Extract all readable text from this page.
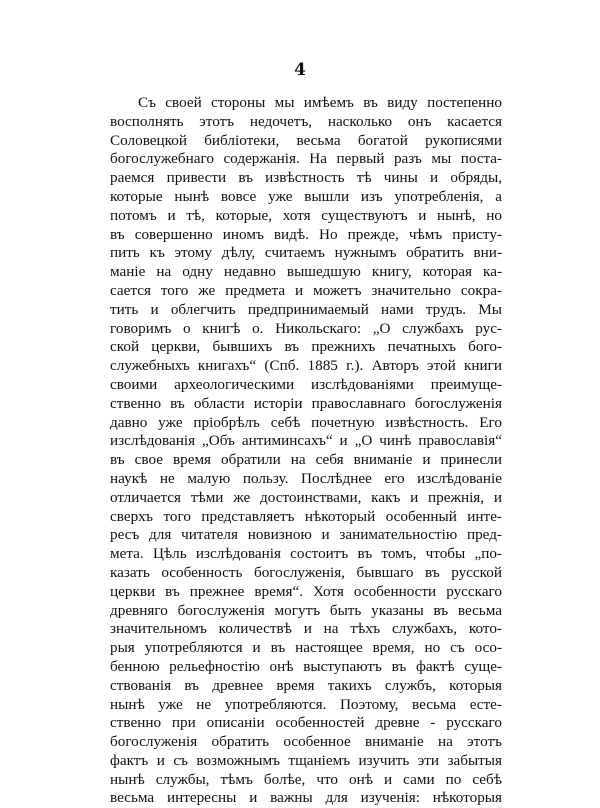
4
Съ своей стороны мы имѣемъ въ виду постепенно
восполнять этотъ недочетъ, насколько онъ касается
Соловецкой библiотеки, весьма богатой рукописями
богослужебнаго содержанiя. На первый разъ мы постa-
раемся привести въ извѣстность тѣ чины и обряды,
которые нынѣ вовсе уже вышли изъ употребленiя, а
потомъ и тѣ, которые, хотя существуютъ и нынѣ, но
въ совершенно иномъ видѣ. Но прежде, чѣмъ присту-
пить къ этому дѣлу, считаемъ нужнымъ обратить вни-
манiе на одну недавно вышедшую книгу, которая ка-
сается того же предмета и можетъ значительно сокра-
тить и облегчить предпринимаемый нами трудъ. Мы
говоримъ о книгѣ о. Никольскаго: „О службахъ рус-
ской церкви, бывшихъ въ прежнихъ печатныхъ бого-
служебныхъ книгахъ“ (Спб. 1885 г.). Авторъ этой книги
своими археологическими изслѣдованiями преимуще-
ственно въ области исторiи православнаго богослуженiя
давно уже прiобрѣлъ себѣ почетную извѣстность. Его
изслѣдованiя „Объ антиминсахъ“ и „О чинѣ православiя“
въ свое время обратили на себя вниманiе и принесли
наукѣ не малую пользу. Послѣднее его изслѣдованiе
отличается тѣми же достоинствами, какъ и прежнiя, и
сверхъ того представляетъ нѣкоторый особенный инте-
ресъ для читателя новизною и занимательностiю пред-
мета. Цѣль изслѣдованiя состоитъ въ томъ, чтобы „по-
казать особенность богослуженiя, бывшаго въ русской
церкви въ прежнее время“. Хотя особенности русскаго
древняго богослуженiя могутъ быть указаны въ весьма
значительномъ количествѣ и на тѣхъ службахъ, кото-
рыя употребляются и въ настоящее время, но съ осо-
бенною рельефностiю онѣ выступаютъ въ фактѣ суще-
ствованiя въ древнее время такихъ службъ, которыя
нынѣ уже не употребляются. Поэтому, весьма есте-
ственно при описанiи особенностей древне - русскаго
богослуженiя обратить особенное вниманiе на этотъ
фактъ и съ возможнымъ тщанiемъ изучить эти забытыя
нынѣ службы, тѣмъ болѣе, что онѣ и сами по себѣ
весьма интересны и важны для изученiя: нѣкоторыя
